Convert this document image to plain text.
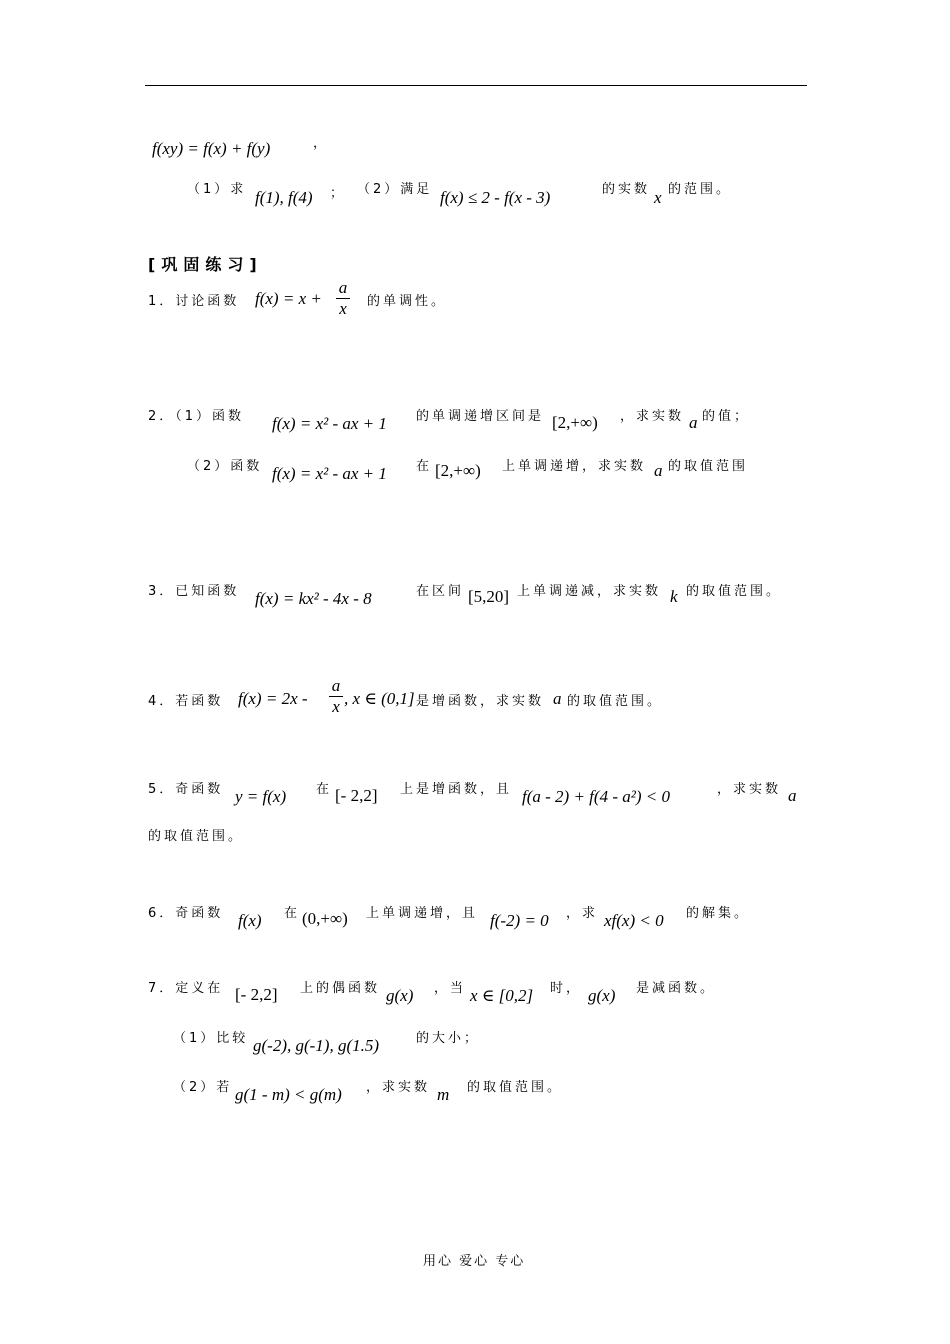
f(xy) = f(x) + f(y)	，
（1）求 f(1), f(4) ； （2）满足 f(x) ≤ 2 - f(x - 3)	的实数 x 的范围。
[巩固练习]
1．讨论函数 f(x) = x +
a
x 的单调性。
2．（1）函数 f(x) = x² - ax + 1 的单调递增区间是 [2,+∞) ，求实数 a 的值；
（2）函数 f(x) = x² - ax + 1 在 [2,+∞) 上单调递增，求实数 a 的取值范围
3．已知函数 f(x) = kx² - 4x - 8	在区间 [5,20] 上单调递减，求实数 k 的取值范围。
4．若函数 f(x) = 2x -
a
x , x ∈ (0,1] 是增函数，求实数 a 的取值范围。
5．奇函数 y = f(x) 在 [- 2,2] 上是增函数，且 f(a - 2) + f(4 - a²) < 0	，求实数 a
的取值范围。
6．奇函数 f(x) 在 (0,+∞) 上单调递增，且 f(-2) = 0 ，求 xf(x) < 0 的解集。
7．定义在 [- 2,2] 上的偶函数 g(x) ，当 x ∈ [0,2] 时， g(x) 是减函数。
（1）比较 g(-2), g(-1), g(1.5)	的大小；
（2）若 g(1 - m) < g(m) ，求实数 m 的取值范围。
用心 爱心 专心
